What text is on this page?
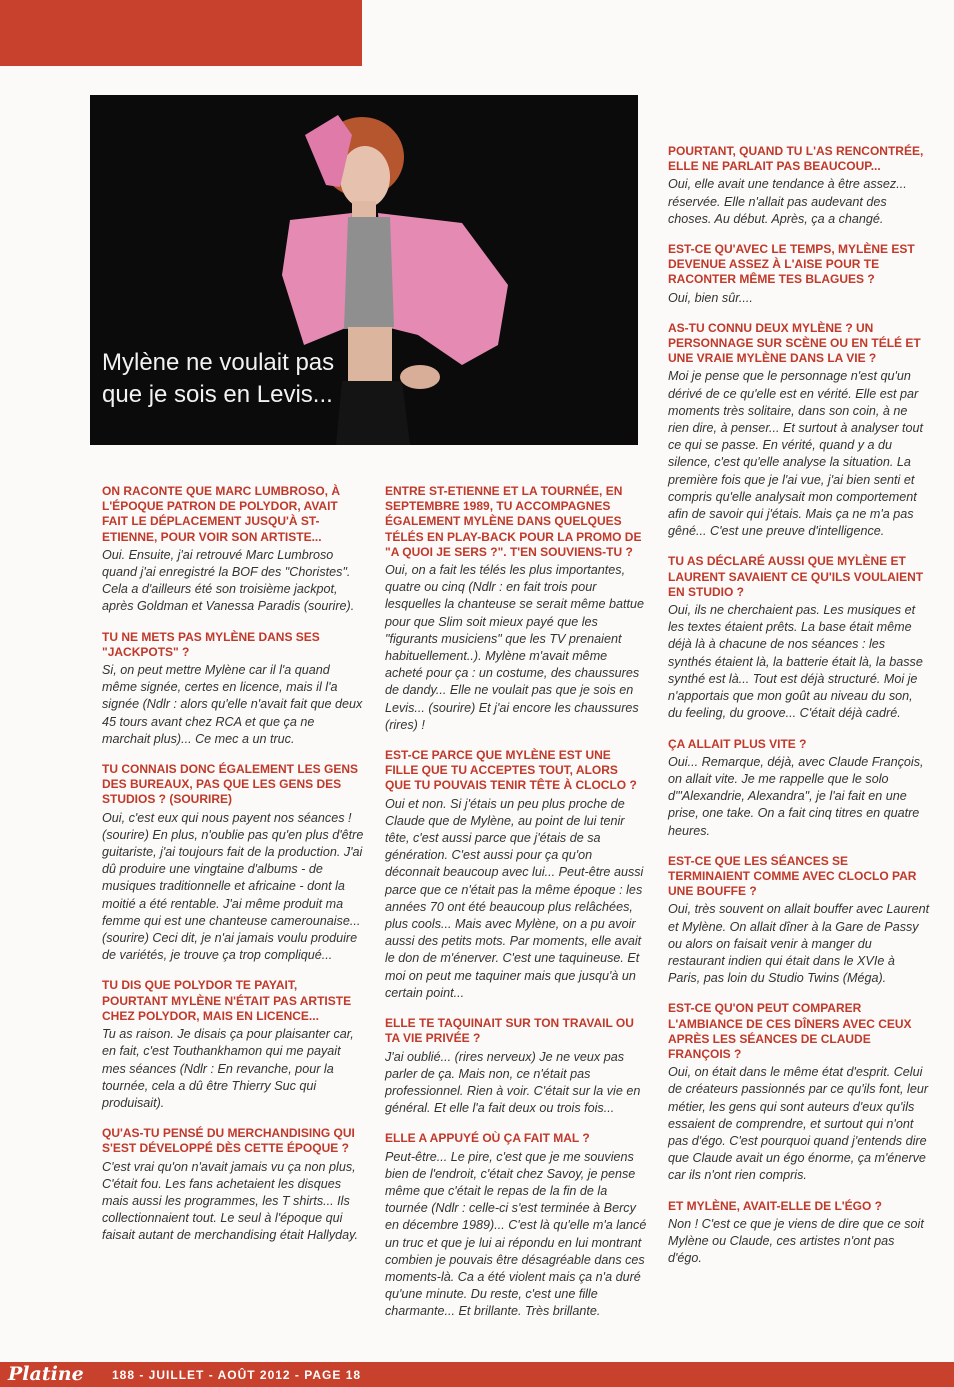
Mylène ne voulait pas
que je sois en Levis...
ON RACONTE QUE MARC LUMBROSO, À L'ÉPOQUE PATRON DE POLYDOR, AVAIT FAIT LE DÉPLACEMENT JUSQU'À ST-ETIENNE, POUR VOIR SON ARTISTE...
Oui. Ensuite, j'ai retrouvé Marc Lumbroso quand j'ai enregistré la BOF des "Choristes". Cela a d'ailleurs été son troisième jackpot, après Goldman et Vanessa Paradis (sourire).
TU NE METS PAS MYLÈNE DANS SES "JACKPOTS" ?
Si, on peut mettre Mylène car il l'a quand même signée, certes en licence, mais il l'a signée (Ndlr : alors qu'elle n'avait fait que deux 45 tours avant chez RCA et que ça ne marchait plus)... Ce mec a un truc.
TU CONNAIS DONC ÉGALEMENT LES GENS DES BUREAUX, PAS QUE LES GENS DES STUDIOS ? (SOURIRE)
Oui, c'est eux qui nous payent nos séances ! (sourire) En plus, n'oublie pas qu'en plus d'être guitariste, j'ai toujours fait de la production. J'ai dû produire une vingtaine d'albums - de musiques traditionnelle et africaine - dont la moitié a été rentable. J'ai même produit ma femme qui est une chanteuse camerounaise... (sourire) Ceci dit, je n'ai jamais voulu produire de variétés, je trouve ça trop compliqué...
TU DIS QUE POLYDOR TE PAYAIT, POURTANT MYLÈNE N'ÉTAIT PAS ARTISTE CHEZ POLYDOR, MAIS EN LICENCE...
Tu as raison. Je disais ça pour plaisanter car, en fait, c'est Touthankhamon qui me payait mes séances (Ndlr : En revanche, pour la tournée, cela a dû être Thierry Suc qui produisait).
QU'AS-TU PENSÉ DU MERCHANDISING QUI S'EST DÉVELOPPÉ DÈS CETTE ÉPOQUE ?
C'est vrai qu'on n'avait jamais vu ça non plus, C'était fou. Les fans achetaient les disques mais aussi les programmes, les T shirts... Ils collectionnaient tout. Le seul à l'époque qui faisait autant de merchandising était Hallyday.
ENTRE ST-ETIENNE ET LA TOURNÉE, EN SEPTEMBRE 1989, TU ACCOMPAGNES ÉGALEMENT MYLÈNE DANS QUELQUES TÉLÉS EN PLAY-BACK POUR LA PROMO DE "A QUOI JE SERS ?". T'EN SOUVIENS-TU ?
Oui, on a fait les télés les plus importantes, quatre ou cinq (Ndlr : en fait trois pour lesquelles la chanteuse se serait même battue pour que Slim soit mieux payé que les "figurants musiciens" que les TV prenaient habituellement..). Mylène m'avait même acheté pour ça : un costume, des chaussures de dandy... Elle ne voulait pas que je sois en Levis... (sourire) Et j'ai encore les chaussures (rires) !
EST-CE PARCE QUE MYLÈNE EST UNE FILLE QUE TU ACCEPTES TOUT, ALORS QUE TU POUVAIS TENIR TÊTE À CLOCLO ?
Oui et non. Si j'étais un peu plus proche de Claude que de Mylène, au point de lui tenir tête, c'est aussi parce que j'étais de sa génération. C'est aussi pour ça qu'on déconnait beaucoup avec lui... Peut-être aussi parce que ce n'était pas la même époque : les années 70 ont été beaucoup plus relâchées, plus cools... Mais avec Mylène, on a pu avoir aussi des petits mots. Par moments, elle avait le don de m'énerver. C'est une taquineuse. Et moi on peut me taquiner mais que jusqu'à un certain point...
ELLE TE TAQUINAIT SUR TON TRAVAIL OU TA VIE PRIVÉE ?
J'ai oublié... (rires nerveux) Je ne veux pas parler de ça. Mais non, ce n'était pas professionnel. Rien à voir. C'était sur la vie en général. Et elle l'a fait deux ou trois fois...
ELLE A APPUYÉ OÙ ÇA FAIT MAL ?
Peut-être... Le pire, c'est que je me souviens bien de l'endroit, c'était chez Savoy, je pense même que c'était le repas de la fin de la tournée (Ndlr : celle-ci s'est terminée à Bercy en décembre 1989)... C'est là qu'elle m'a lancé un truc et que je lui ai répondu en lui montrant combien je pouvais être désagréable dans ces moments-là. Ca a été violent mais ça n'a duré qu'une minute. Du reste, c'est une fille charmante... Et brillante. Très brillante.
POURTANT, QUAND TU L'AS RENCONTRÉE, ELLE NE PARLAIT PAS BEAUCOUP...
Oui, elle avait une tendance à être assez... réservée. Elle n'allait pas audevant des choses. Au début. Après, ça a changé.
EST-CE QU'AVEC LE TEMPS, MYLÈNE EST DEVENUE ASSEZ À L'AISE POUR TE RACONTER MÊME TES BLAGUES ?
Oui, bien sûr....
AS-TU CONNU DEUX MYLÈNE ? UN PERSONNAGE SUR SCÈNE OU EN TÉLÉ ET UNE VRAIE MYLÈNE DANS LA VIE ?
Moi je pense que le personnage n'est qu'un dérivé de ce qu'elle est en vérité. Elle est par moments très solitaire, dans son coin, à ne rien dire, à penser... Et surtout à analyser tout ce qui se passe. En vérité, quand y a du silence, c'est qu'elle analyse la situation. La première fois que je l'ai vue, j'ai bien senti et compris qu'elle analysait mon comportement afin de savoir qui j'étais. Mais ça ne m'a pas gêné... C'est une preuve d'intelligence.
TU AS DÉCLARÉ AUSSI QUE MYLÈNE ET LAURENT SAVAIENT CE QU'ILS VOULAIENT EN STUDIO ?
Oui, ils ne cherchaient pas. Les musiques et les textes étaient prêts. La base était même déjà là à chacune de nos séances : les synthés étaient là, la batterie était là, la basse synthé est là... Tout est déjà structuré. Moi je n'apportais que mon goût au niveau du son, du feeling, du groove... C'était déjà cadré.
ÇA ALLAIT PLUS VITE ?
Oui... Remarque, déjà, avec Claude François, on allait vite. Je me rappelle que le solo d'"Alexandrie, Alexandra", je l'ai fait en une prise, one take. On a fait cinq titres en quatre heures.
EST-CE QUE LES SÉANCES SE TERMINAIENT COMME AVEC CLOCLO PAR UNE BOUFFE ?
Oui, très souvent on allait bouffer avec Laurent et Mylène. On allait dîner à la Gare de Passy ou alors on faisait venir à manger du restaurant indien qui était dans le XVIe à Paris, pas loin du Studio Twins (Méga).
EST-CE QU'ON PEUT COMPARER L'AMBIANCE DE CES DÎNERS AVEC CEUX APRÈS LES SÉANCES DE CLAUDE FRANÇOIS ?
Oui, on était dans le même état d'esprit. Celui de créateurs passionnés par ce qu'ils font, leur métier, les gens qui sont auteurs d'eux qu'ils essaient de comprendre, et surtout qui n'ont pas d'égo. C'est pourquoi quand j'entends dire que Claude avait un égo énorme, ça m'énerve car ils n'ont rien compris.
ET MYLÈNE, AVAIT-ELLE DE L'ÉGO ?
Non ! C'est ce que je viens de dire que ce soit Mylène ou Claude, ces artistes n'ont pas d'égo.
Platine 188 - JUILLET - AOÛT 2012 - PAGE 18
